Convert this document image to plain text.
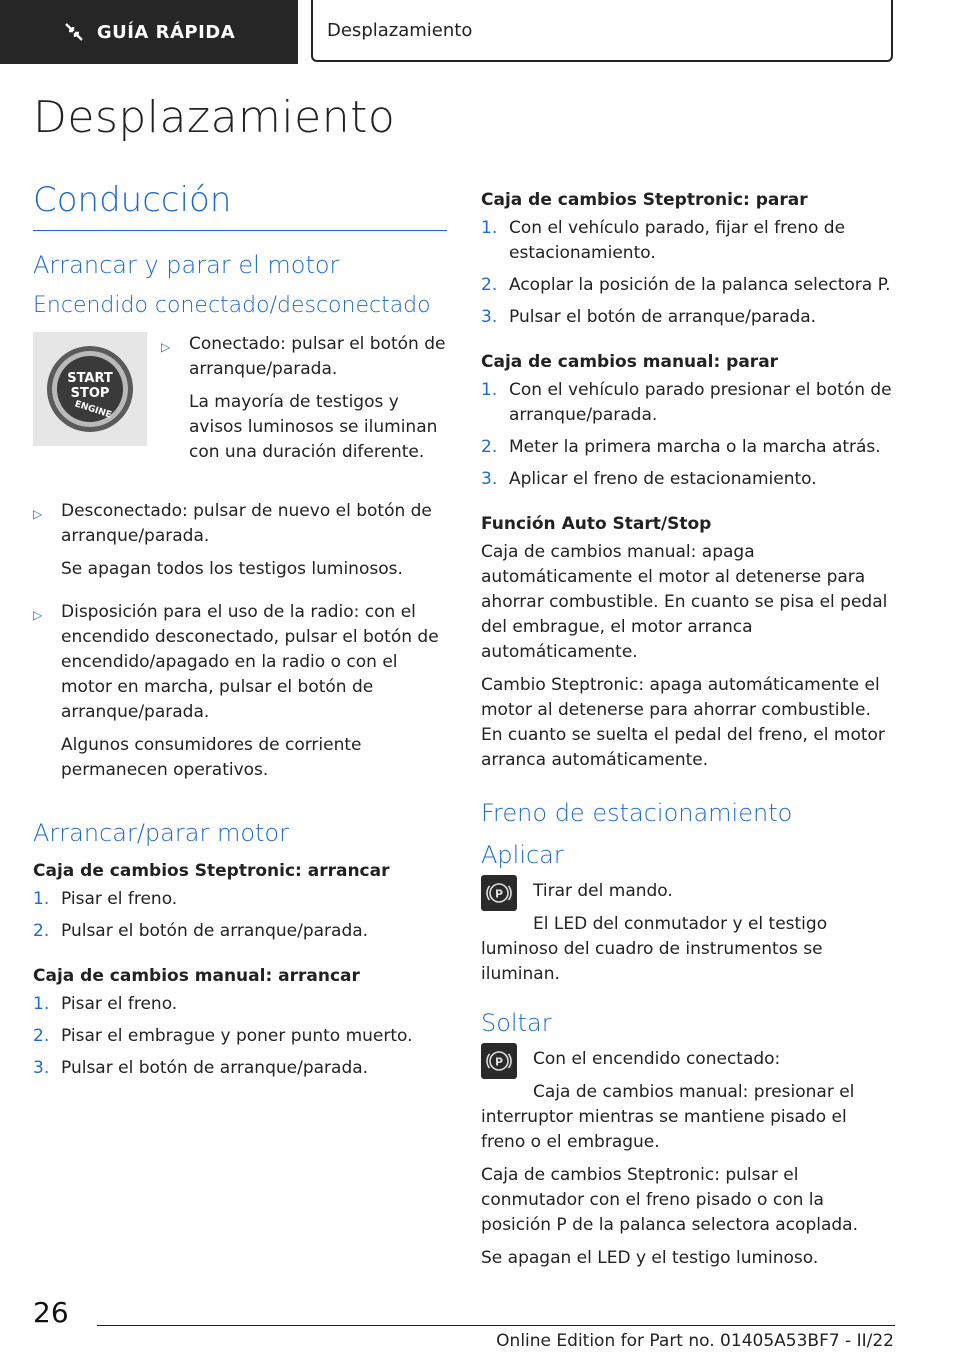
GUÍA RÁPIDA	Desplazamiento
Desplazamiento
Conducción
Arrancar y parar el motor
Encendido conectado/desconectado
START
STOP
ENGINE
▷	Conectado: pulsar el botón de arranque/parada.

La mayoría de testigos y avisos luminosos se iluminan con una duración diferente.

▷	Desconectado: pulsar de nuevo el botón de arranque/parada.

Se apagan todos los testigos luminosos.

▷	Disposición para el uso de la radio: con el encendido desconectado, pulsar el botón de encendido/apagado en la radio o con el motor en marcha, pulsar el botón de arranque/parada.

Algunos consumidores de corriente permanecen operativos.

Arrancar/parar motor
Caja de cambios Steptronic: arrancar
1. Pisar el freno.
2. Pulsar el botón de arranque/parada.
Caja de cambios manual: arrancar
1. Pisar el freno.
2. Pisar el embrague y poner punto muerto.
3. Pulsar el botón de arranque/parada.
Caja de cambios Steptronic: parar
1. Con el vehículo parado, fijar el freno de estacionamiento.
2. Acoplar la posición de la palanca selectora P.
3. Pulsar el botón de arranque/parada.
Caja de cambios manual: parar
1. Con el vehículo parado presionar el botón de arranque/parada.
2. Meter la primera marcha o la marcha atrás.
3. Aplicar el freno de estacionamiento.
Función Auto Start/Stop

Caja de cambios manual: apaga automáticamente el motor al detenerse para ahorrar combustible. En cuanto se pisa el pedal del embrague, el motor arranca automáticamente.

Cambio Steptronic: apaga automáticamente el motor al detenerse para ahorrar combustible. En cuanto se suelta el pedal del freno, el motor arranca automáticamente.

Freno de estacionamiento
Aplicar
P Tirar del mando.

El LED del conmutador y el testigo luminoso del cuadro de instrumentos se iluminan.

Soltar
P Con el encendido conectado:

Caja de cambios manual: presionar el interruptor mientras se mantiene pisado el freno o el embrague.

Caja de cambios Steptronic: pulsar el conmutador con el freno pisado o con la posición P de la palanca selectora acoplada.

Se apagan el LED y el testigo luminoso.

26
Online Edition for Part no. 01405A53BF7 - II/22
